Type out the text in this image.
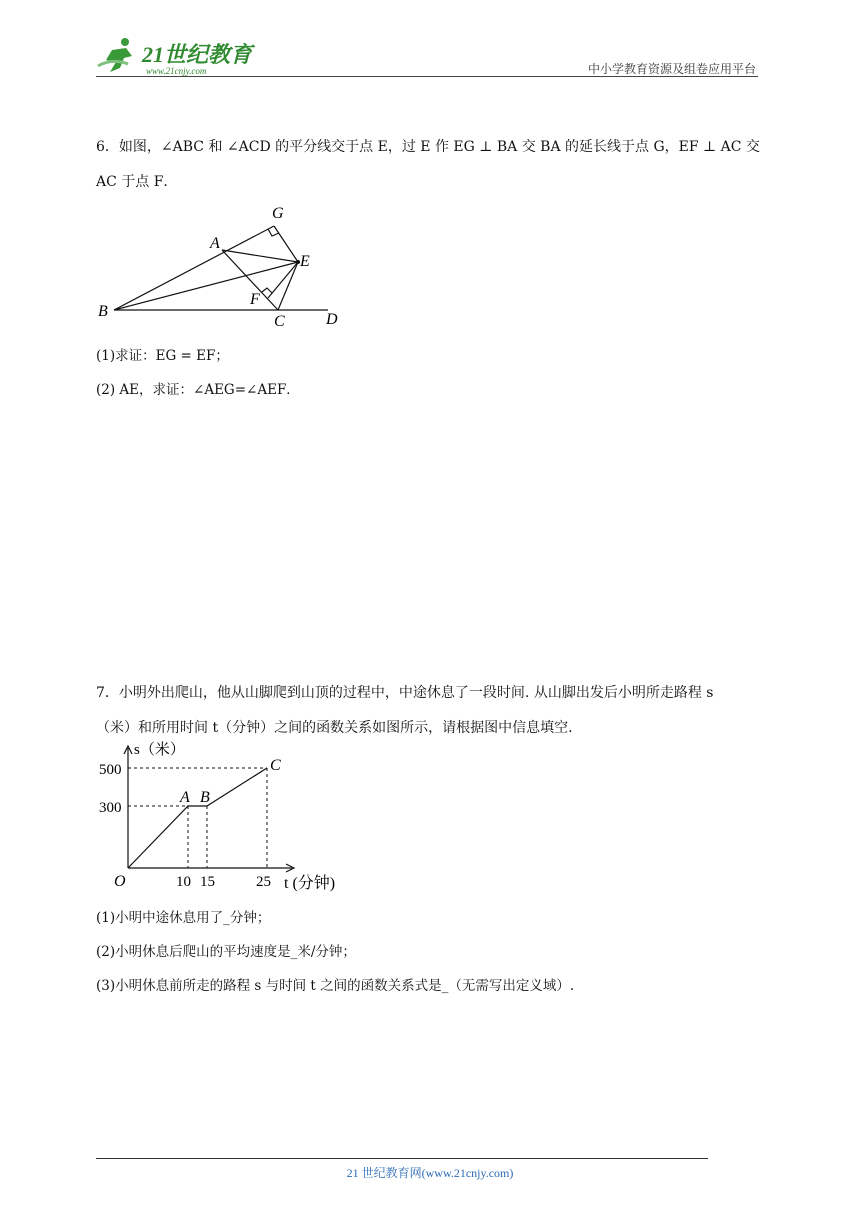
21世纪教育
www.21cnjy.com	中小学教育资源及组卷应用平台
6．如图，∠ABC 和 ∠ACD 的平分线交于点 E，过 E 作 EG ⊥ BA 交 BA 的延长线于点 G，EF ⊥ AC 交
AC 于点 F．
G
A
E
F
B
C	D
(1)求证：EG = EF；
(2) AE，求证：∠AEG=∠AEF．
7．小明外出爬山，他从山脚爬到山顶的过程中，中途休息了一段时间. 从山脚出发后小明所走路程 s
（米）和所用时间 t（分钟）之间的函数关系如图所示，请根据图中信息填空.
s（米）
500
300
O	10 15	25 t (分钟)
A B
C
(1)小明中途休息用了_分钟；
(2)小明休息后爬山的平均速度是_米/分钟；
(3)小明休息前所走的路程 s 与时间 t 之间的函数关系式是_（无需写出定义域）.
21 世纪教育网(www.21cnjy.com)
